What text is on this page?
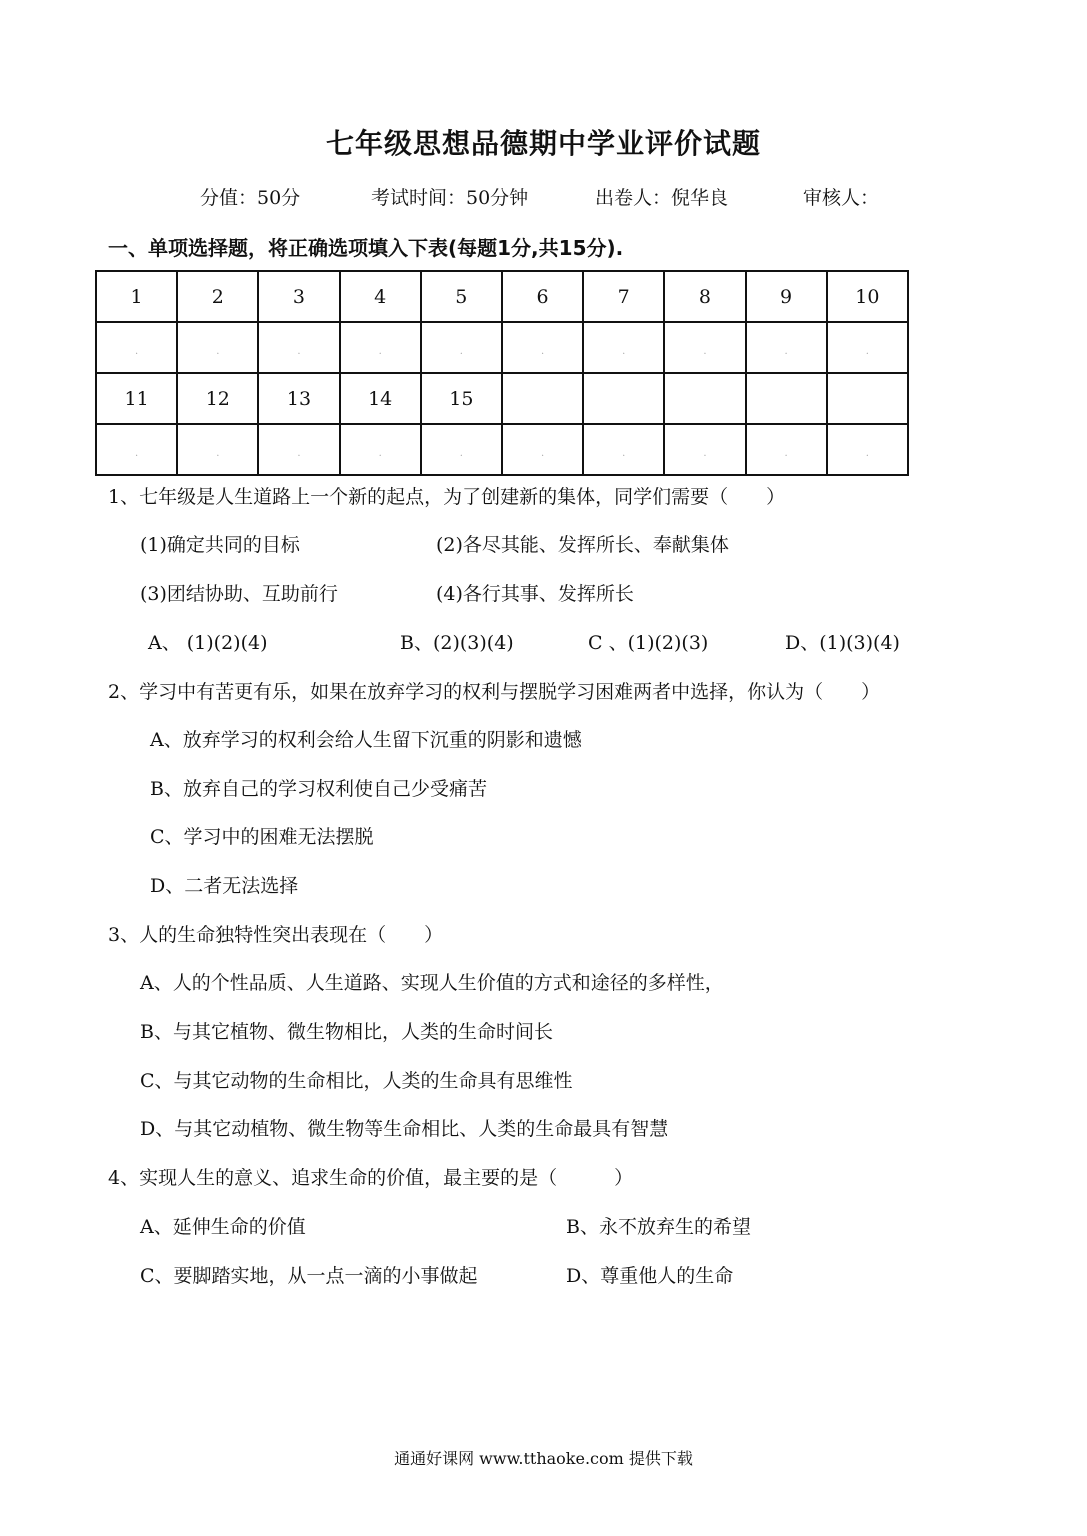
七年级思想品德期中学业评价试题
分值：50分	考试时间：50分钟	出卷人：倪华良	审核人：
一、单项选择题，将正确选项填入下表(每题1分,共15分).
1	2	3	4	5	6	7	8	9	10
.	.	.	.	.	.	.	.	.	.
11	12	13	14	15					
.	.	.	.	.	.	.	.	.	.
1、七年级是人生道路上一个新的起点，为了创建新的集体，同学们需要（　　）
(1)确定共同的目标	(2)各尽其能、发挥所长、奉献集体
(3)团结协助、互助前行	(4)各行其事、发挥所长
A、 (1)(2)(4)	B、(2)(3)(4)	C 、(1)(2)(3)	D、(1)(3)(4)
2、学习中有苦更有乐，如果在放弃学习的权利与摆脱学习困难两者中选择，你认为（　　）
A、放弃学习的权利会给人生留下沉重的阴影和遗憾
B、放弃自己的学习权利使自己少受痛苦
C、学习中的困难无法摆脱
D、二者无法选择
3、人的生命独特性突出表现在（　　）
A、人的个性品质、人生道路、实现人生价值的方式和途径的多样性，
B、与其它植物、微生物相比，人类的生命时间长
C、与其它动物的生命相比，人类的生命具有思维性
D、与其它动植物、微生物等生命相比、人类的生命最具有智慧
4、实现人生的意义、追求生命的价值，最主要的是（　　　）
A、延伸生命的价值	B、永不放弃生的希望
C、要脚踏实地，从一点一滴的小事做起	D、尊重他人的生命
通通好课网 www.tthaoke.com 提供下载
